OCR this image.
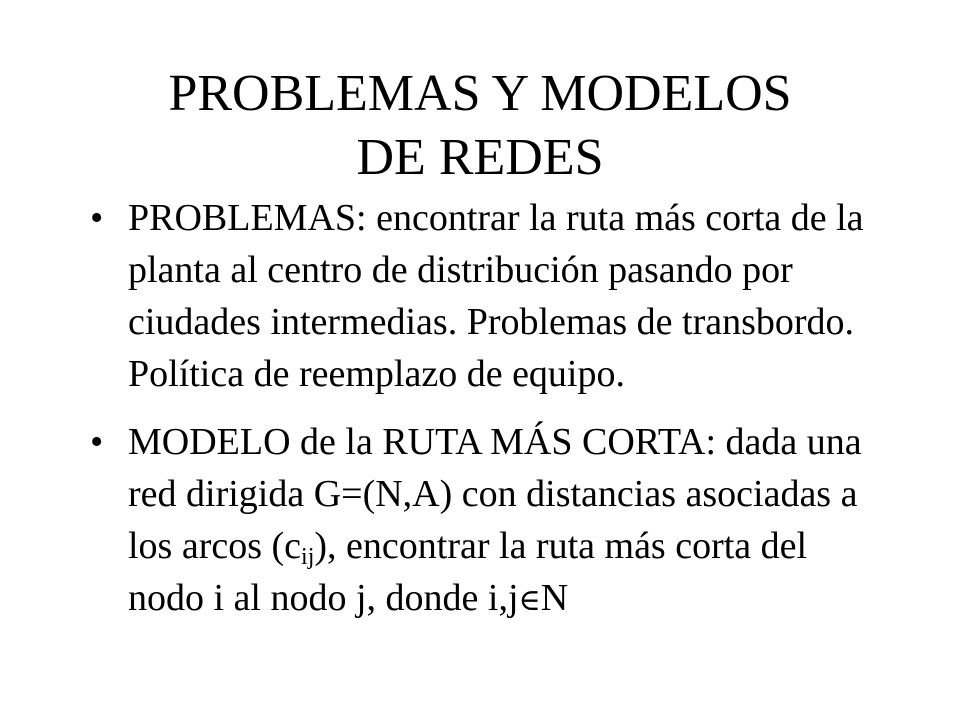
PROBLEMAS Y MODELOS
DE REDES
• PROBLEMAS: encontrar la ruta más corta de la planta al centro de distribución pasando por ciudades intermedias. Problemas de transbordo. Política de reemplazo de equipo.
• MODELO de la RUTA MÁS CORTA: dada una red dirigida G=(N,A) con distancias asociadas a los arcos $(c_{ij})$, encontrar la ruta más corta del nodo i al nodo j, donde i,j∈N
